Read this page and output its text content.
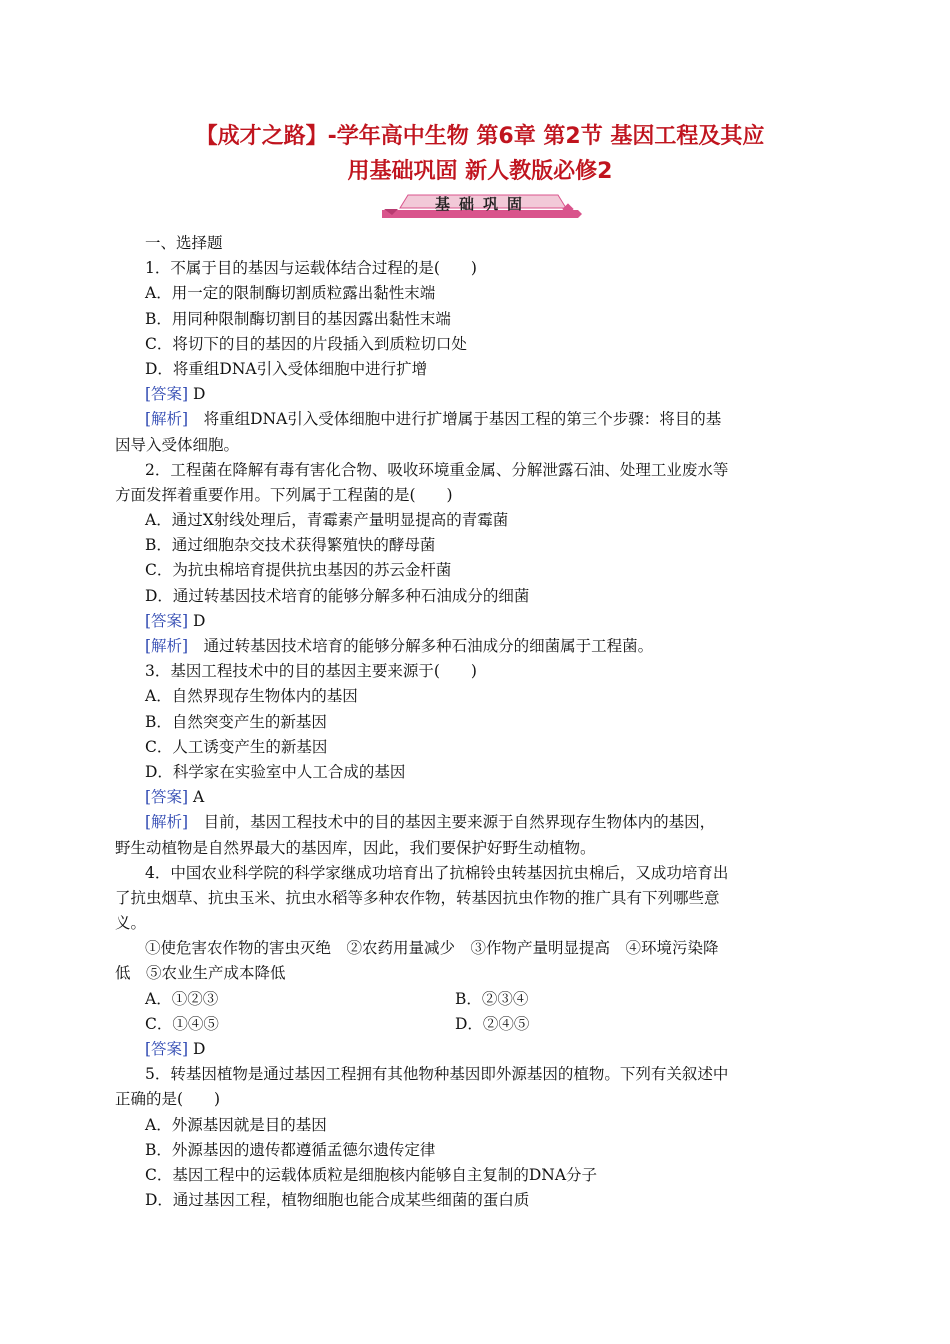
【成才之路】-学年高中生物 第6章 第2节 基因工程及其应
用基础巩固 新人教版必修2
基础巩固
一、选择题
1．不属于目的基因与运载体结合过程的是(　　)
A．用一定的限制酶切割质粒露出黏性末端
B．用同种限制酶切割目的基因露出黏性末端
C．将切下的目的基因的片段插入到质粒切口处
D．将重组DNA引入受体细胞中进行扩增
[答案] D
[解析]　将重组DNA引入受体细胞中进行扩增属于基因工程的第三个步骤：将目的基
因导入受体细胞。
2．工程菌在降解有毒有害化合物、吸收环境重金属、分解泄露石油、处理工业废水等
方面发挥着重要作用。下列属于工程菌的是(　　)
A．通过X射线处理后，青霉素产量明显提高的青霉菌
B．通过细胞杂交技术获得繁殖快的酵母菌
C．为抗虫棉培育提供抗虫基因的苏云金杆菌
D．通过转基因技术培育的能够分解多种石油成分的细菌
[答案] D
[解析]　通过转基因技术培育的能够分解多种石油成分的细菌属于工程菌。
3．基因工程技术中的目的基因主要来源于(　　)
A．自然界现存生物体内的基因
B．自然突变产生的新基因
C．人工诱变产生的新基因
D．科学家在实验室中人工合成的基因
[答案] A
[解析]　目前，基因工程技术中的目的基因主要来源于自然界现存生物体内的基因，
野生动植物是自然界最大的基因库，因此，我们要保护好野生动植物。
4．中国农业科学院的科学家继成功培育出了抗棉铃虫转基因抗虫棉后，又成功培育出
了抗虫烟草、抗虫玉米、抗虫水稻等多种农作物，转基因抗虫作物的推广具有下列哪些意
义。
①使危害农作物的害虫灭绝　②农药用量减少　③作物产量明显提高　④环境污染降
低　⑤农业生产成本降低
A．①②③	B．②③④
C．①④⑤	D．②④⑤
[答案] D
5．转基因植物是通过基因工程拥有其他物种基因即外源基因的植物。下列有关叙述中
正确的是(　　)
A．外源基因就是目的基因
B．外源基因的遗传都遵循孟德尔遗传定律
C．基因工程中的运载体质粒是细胞核内能够自主复制的DNA分子
D．通过基因工程，植物细胞也能合成某些细菌的蛋白质
